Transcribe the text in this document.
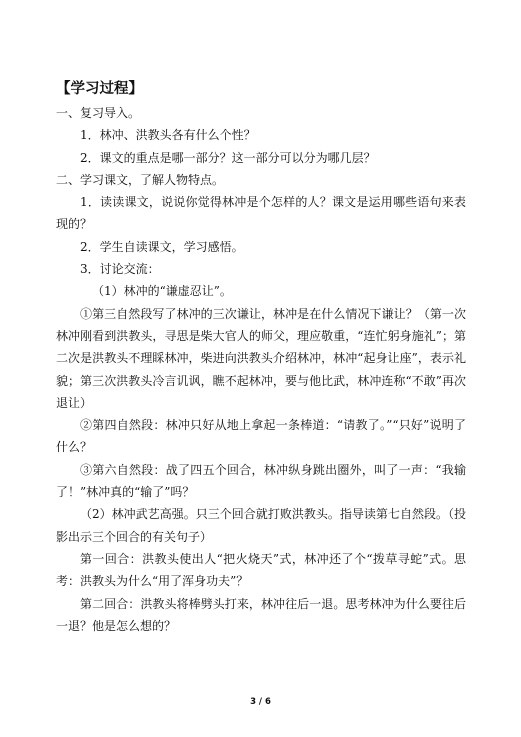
【学习过程】
一、复习导入。
1．林冲、洪教头各有什么个性？
2．课文的重点是哪一部分？这一部分可以分为哪几层？
二、学习课文，了解人物特点。
1．读读课文，说说你觉得林冲是个怎样的人？课文是运用哪些语句来表现的？
2．学生自读课文，学习感悟。
3．讨论交流：
（1）林冲的“谦虚忍让”。
①第三自然段写了林冲的三次谦让，林冲是在什么情况下谦让？（第一次林冲刚看到洪教头，寻思是柴大官人的师父，理应敬重，“连忙躬身施礼”；第二次是洪教头不理睬林冲，柴进向洪教头介绍林冲，林冲“起身让座”，表示礼貌；第三次洪教头冷言讥讽，瞧不起林冲，要与他比武，林冲连称“不敢”再次退让）
②第四自然段：林冲只好从地上拿起一条棒道：“请教了。”“只好”说明了什么？
③第六自然段：战了四五个回合，林冲纵身跳出圈外，叫了一声：“我输了！”林冲真的“输了”吗？
（2）林冲武艺高强。只三个回合就打败洪教头。指导读第七自然段。（投影出示三个回合的有关句子）
第一回合：洪教头使出人“把火烧天”式，林冲还了个“拨草寻蛇”式。思考：洪教头为什么“用了浑身功夫”？
第二回合：洪教头将棒劈头打来，林冲往后一退。思考林冲为什么要往后一退？他是怎么想的？
3 / 6
